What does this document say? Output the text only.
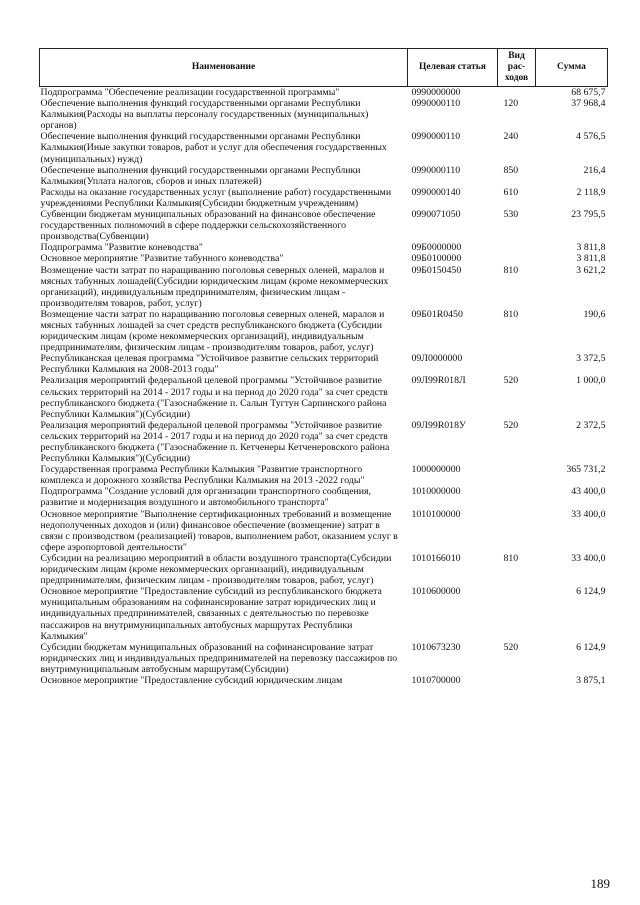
Наименование	Целевая статья	Вид рас-ходов	Сумма
Подпрограмма "Обеспечение реализации государственной программы"	0990000000		68 675,7
Обеспечение выполнения функций государственными органами Республики Калмыкия(Расходы на выплаты персоналу государственных (муниципальных) органов)	0990000110	120	37 968,4
Обеспечение выполнения функций государственными органами Республики Калмыкия(Иные закупки товаров, работ и услуг для обеспечения государственных (муниципальных) нужд)	0990000110	240	4 576,5
Обеспечение выполнения функций государственными органами Республики Калмыкия(Уплата налогов, сборов и иных платежей)	0990000110	850	216,4
Расходы на оказание государственных услуг (выполнение работ) государственными учреждениями Республики Калмыкия(Субсидии бюджетным учреждениям)	0990000140	610	2 118,9
Субвенции бюджетам муниципальных образований на финансовое обеспечение государственных полномочий в сфере поддержки сельскохозяйственного производства(Субвенции)	0990071050	530	23 795,5
Подпрограмма "Развитие коневодства"	09Б0000000		3 811,8
Основное мероприятие "Развитие табунного коневодства"	09Б0100000		3 811,8
Возмещение части затрат по наращиванию поголовья северных оленей, маралов и мясных табунных лошадей(Субсидии юридическим лицам (кроме некоммерческих организаций), индивидуальным предпринимателям, физическим лицам - производителям товаров, работ, услуг)	09Б0150450	810	3 621,2
Возмещение части затрат по наращиванию поголовья северных оленей, маралов и мясных табунных лошадей за счет средств республиканского бюджета (Субсидии юридическим лицам (кроме некоммерческих организаций), индивидуальным предпринимателям, физическим лицам - производителям товаров, работ, услуг)	09Б01R0450	810	190,6
Республиканская целевая программа "Устойчивое развитие сельских территорий Республики Калмыкия на 2008-2013 годы"	09Л0000000		3 372,5
Реализация мероприятий федеральной целевой программы "Устойчивое развитие сельских территорий на 2014 - 2017 годы и на период до 2020 года" за счет средств республиканского бюджета ("Газоснабжение п. Салын Тугтун Сарпинского района Республики Калмыкия")(Субсидии)	09Л99R018Л	520	1 000,0
Реализация мероприятий федеральной целевой программы "Устойчивое развитие сельских территорий на 2014 - 2017 годы и на период до 2020 года" за счет средств республиканского бюджета ("Газоснабжение п. Кетченеры Кетченеровского района Республики Калмыкия")(Субсидии)	09Л99R018У	520	2 372,5
Государственная программа Республики Калмыкия "Развитие транспортного комплекса и дорожного хозяйства Республики Калмыкия на 2013 -2022 годы"	1000000000		365 731,2
Подпрограмма "Создание условий для организации транспортного сообщения, развитие и модернизация воздушного и автомобильного транспорта"	1010000000		43 400,0
Основное мероприятие "Выполнение сертификационных требований и возмещение недополученных доходов и (или) финансовое обеспечение (возмещение) затрат в связи с производством (реализацией) товаров, выполнением работ, оказанием услуг в сфере аэропортовой деятельности"	1010100000		33 400,0
Субсидии на реализацию мероприятий в области воздушного транспорта(Субсидии юридическим лицам (кроме некоммерческих организаций), индивидуальным предпринимателям, физическим лицам - производителям товаров, работ, услуг)	1010166010	810	33 400,0
Основное мероприятие "Предоставление субсидий из республиканского бюджета муниципальным образованиям на софинансирование затрат юридических лиц и индивидуальных предпринимателей, связанных с деятельностью по перевозке пассажиров на внутримуниципальных автобусных маршрутах Республики Калмыкия"	1010600000		6 124,9
Субсидии бюджетам муниципальных образований на софинансирование затрат юридических лиц и индивидуальных предпринимателей на перевозку пассажиров по внутримуниципальным автобусным маршрутам(Субсидии)	1010673230	520	6 124,9
Основное мероприятие "Предоставление субсидий юридическим лицам	1010700000		3 875,1
189
